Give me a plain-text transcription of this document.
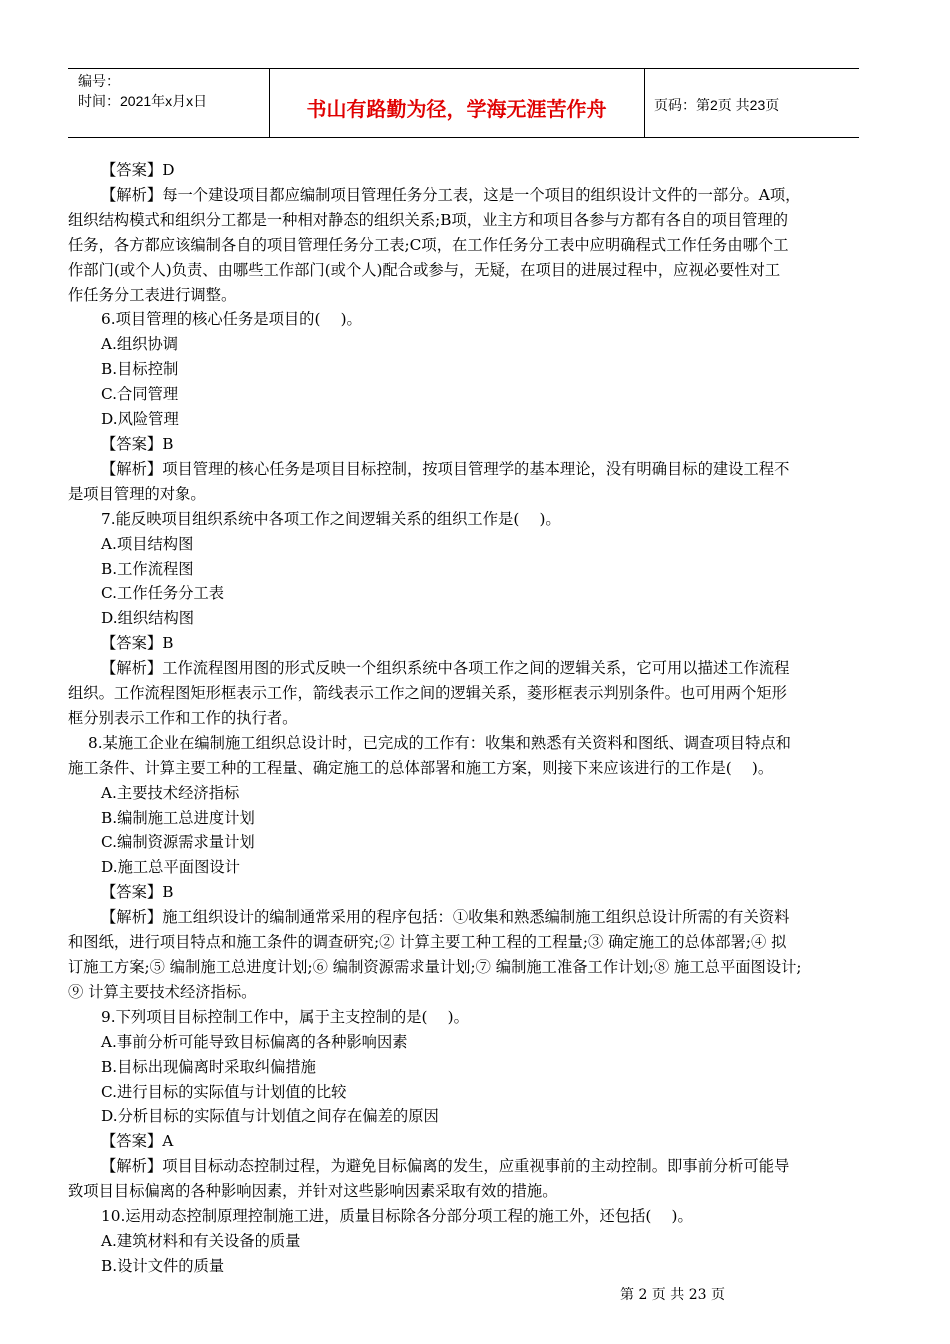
编号：
时间：2021年x月x日	书山有路勤为径，学海无涯苦作舟	页码：第2页 共23页

【答案】D

【解析】每一个建设项目都应编制项目管理任务分工表，这是一个项目的组织设计文件的一部分。A项，

组织结构模式和组织分工都是一种相对静态的组织关系;B项，业主方和项目各参与方都有各自的项目管理的

任务，各方都应该编制各自的项目管理任务分工表;C项，在工作任务分工表中应明确程式工作任务由哪个工

作部门(或个人)负责、由哪些工作部门(或个人)配合或参与，无疑，在项目的进展过程中，应视必要性对工

作任务分工表进行调整。

6.项目管理的核心任务是项目的(　 )。

A.组织协调

B.目标控制

C.合同管理

D.风险管理

【答案】B

【解析】项目管理的核心任务是项目目标控制，按项目管理学的基本理论，没有明确目标的建设工程不

是项目管理的对象。

7.能反映项目组织系统中各项工作之间逻辑关系的组织工作是(　 )。

A.项目结构图

B.工作流程图

C.工作任务分工表

D.组织结构图

【答案】B

【解析】工作流程图用图的形式反映一个组织系统中各项工作之间的逻辑关系，它可用以描述工作流程

组织。工作流程图矩形框表示工作，箭线表示工作之间的逻辑关系，菱形框表示判别条件。也可用两个矩形

框分别表示工作和工作的执行者。

8.某施工企业在编制施工组织总设计时，已完成的工作有：收集和熟悉有关资料和图纸、调查项目特点和

施工条件、计算主要工种的工程量、确定施工的总体部署和施工方案，则接下来应该进行的工作是(　 )。

A.主要技术经济指标

B.编制施工总进度计划

C.编制资源需求量计划

D.施工总平面图设计

【答案】B

【解析】施工组织设计的编制通常采用的程序包括：①收集和熟悉编制施工组织总设计所需的有关资料

和图纸，进行项目特点和施工条件的调查研究;② 计算主要工种工程的工程量;③ 确定施工的总体部署;④ 拟

订施工方案;⑤ 编制施工总进度计划;⑥ 编制资源需求量计划;⑦ 编制施工准备工作计划;⑧ 施工总平面图设计;

⑨ 计算主要技术经济指标。

9.下列项目目标控制工作中，属于主支控制的是(　 )。

A.事前分析可能导致目标偏离的各种影响因素

B.目标出现偏离时采取纠偏措施

C.进行目标的实际值与计划值的比较

D.分析目标的实际值与计划值之间存在偏差的原因

【答案】A

【解析】项目目标动态控制过程，为避免目标偏离的发生，应重视事前的主动控制。即事前分析可能导

致项目目标偏离的各种影响因素，并针对这些影响因素采取有效的措施。

10.运用动态控制原理控制施工进，质量目标除各分部分项工程的施工外，还包括(　 )。

A.建筑材料和有关设备的质量

B.设计文件的质量

第 2 页 共 23 页
